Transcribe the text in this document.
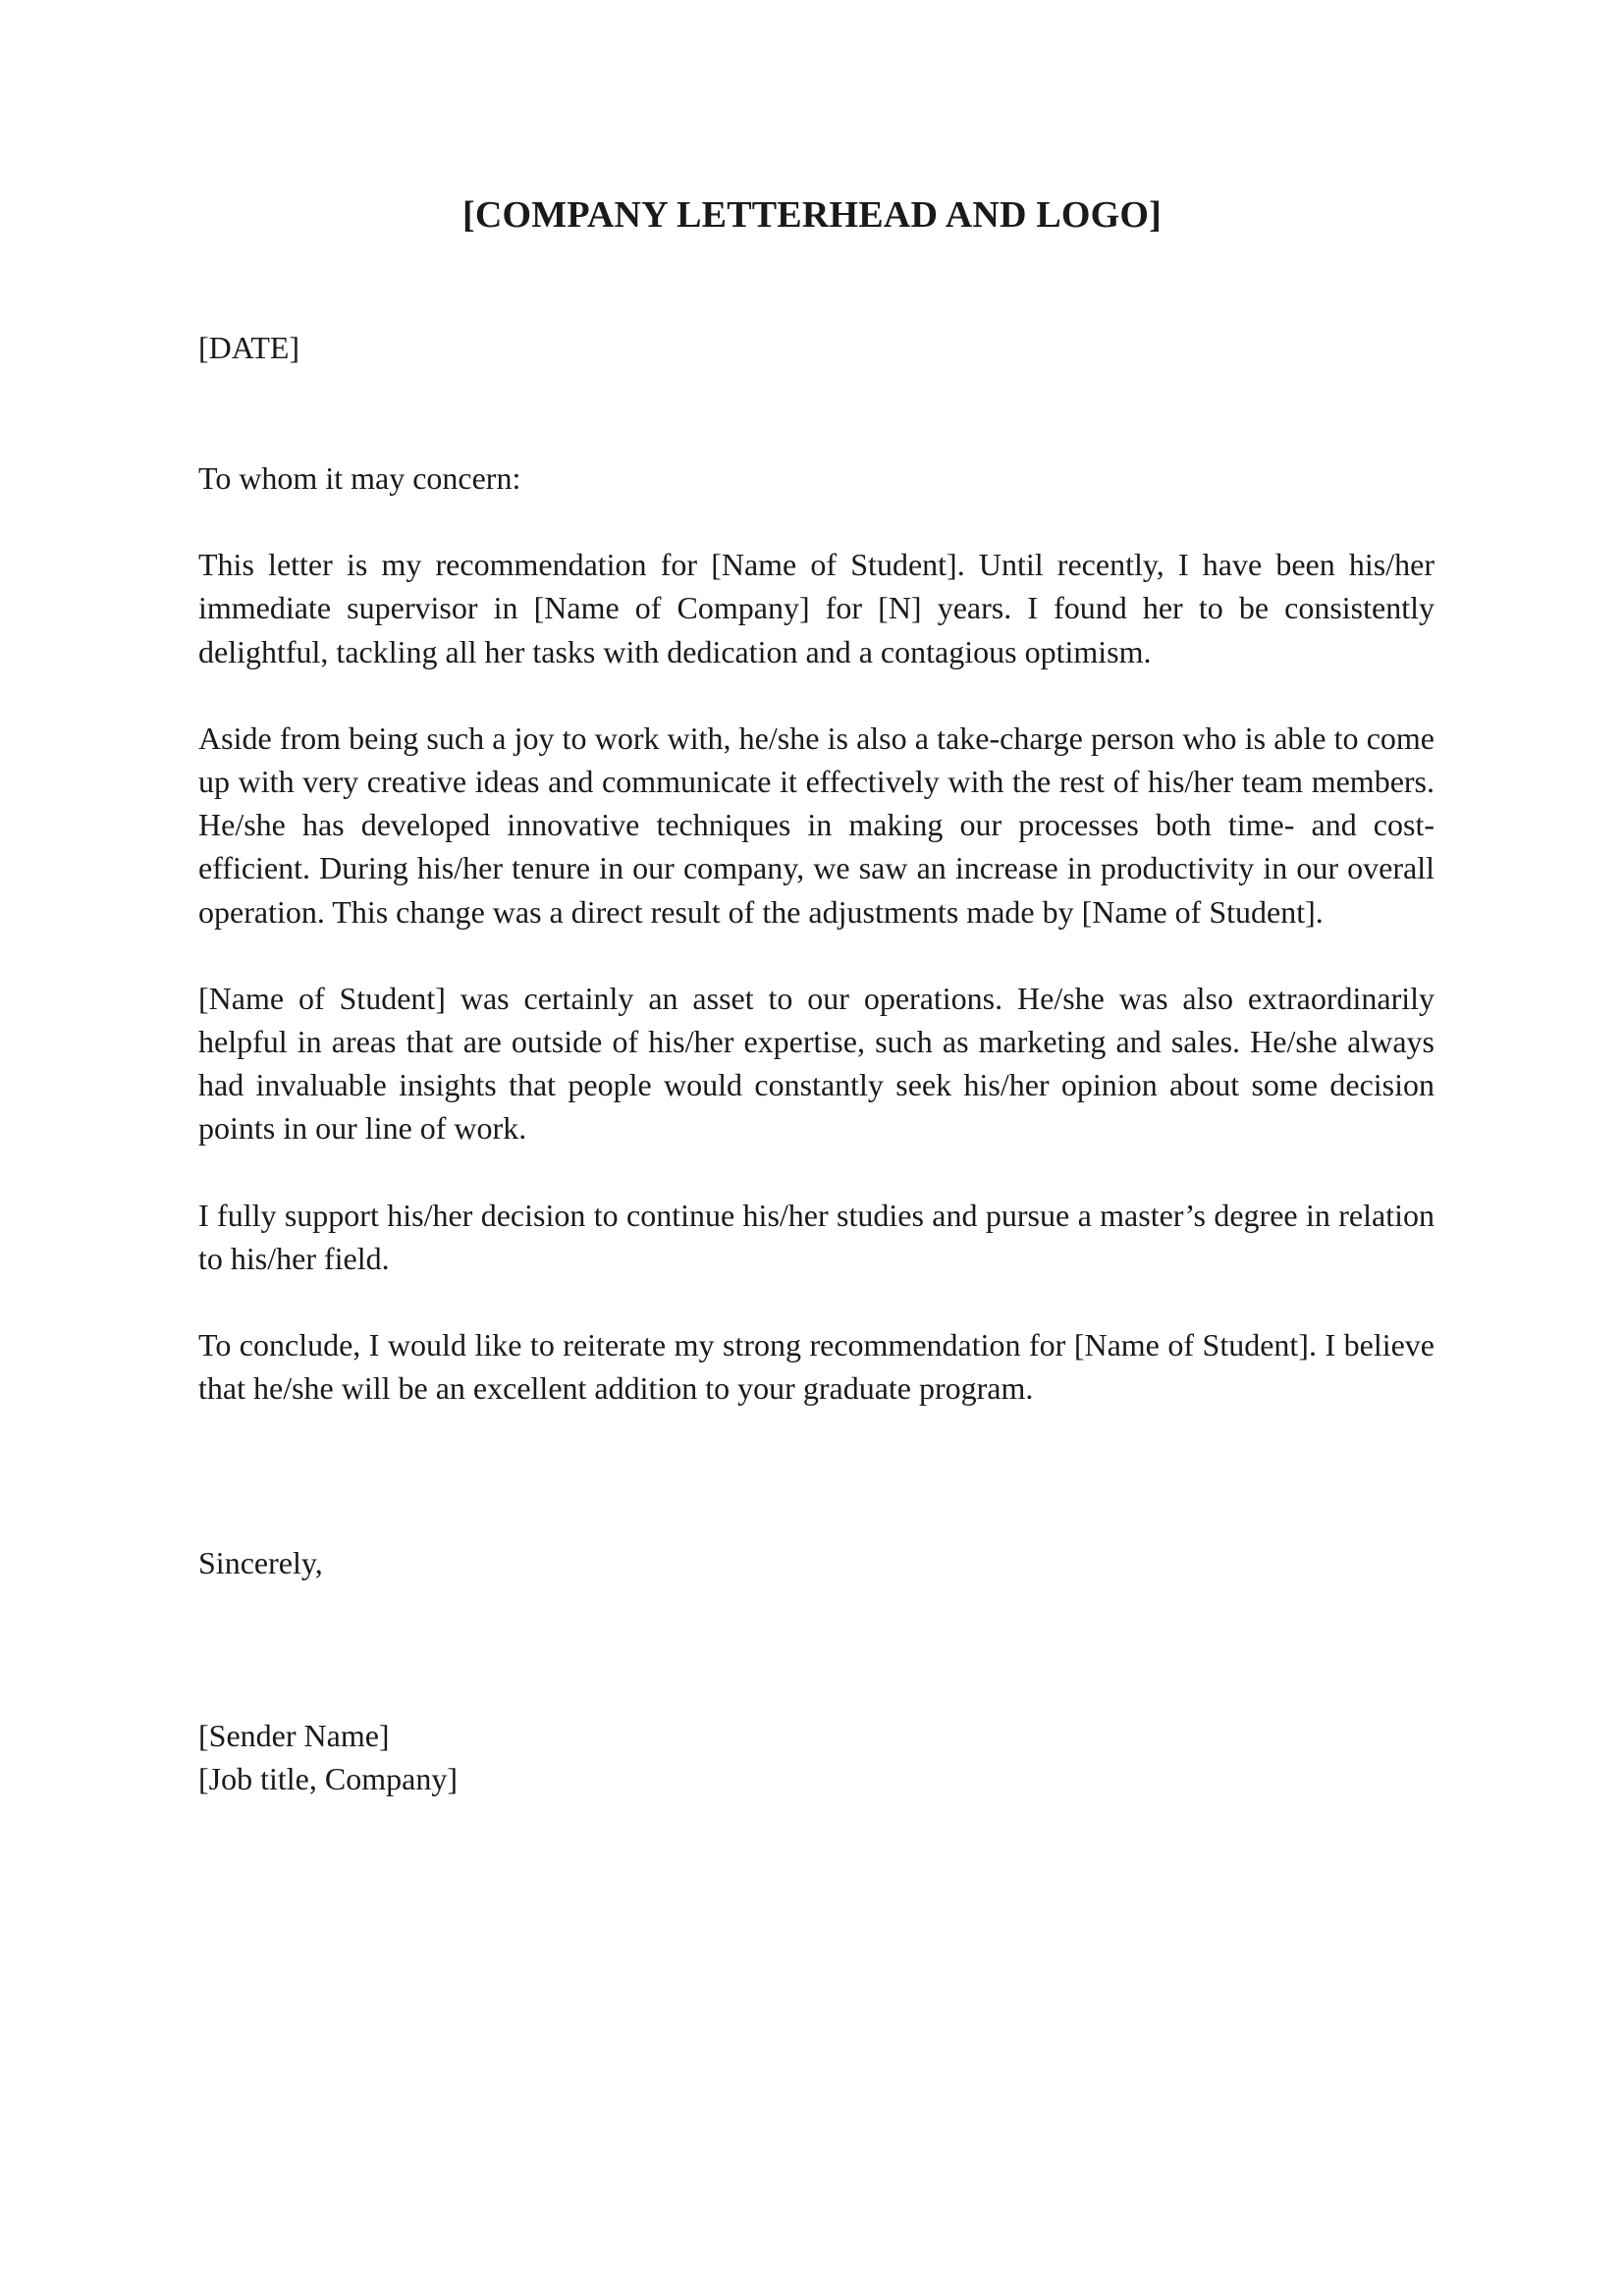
[COMPANY LETTERHEAD AND LOGO]
[DATE]

To whom it may concern:

This letter is my recommendation for [Name of Student]. Until recently, I have been his/her immediate supervisor in [Name of Company] for [N] years. I found her to be consistently delightful, tackling all her tasks with dedication and a contagious optimism.

Aside from being such a joy to work with, he/she is also a take-charge person who is able to come up with very creative ideas and communicate it effectively with the rest of his/her team members. He/she has developed innovative techniques in making our processes both time- and cost-efficient. During his/her tenure in our company, we saw an increase in productivity in our overall operation. This change was a direct result of the adjustments made by [Name of Student].

[Name of Student] was certainly an asset to our operations. He/she was also extraordinarily helpful in areas that are outside of his/her expertise, such as marketing and sales. He/she always had invaluable insights that people would constantly seek his/her opinion about some decision points in our line of work.

I fully support his/her decision to continue his/her studies and pursue a master’s degree in relation to his/her field.

To conclude, I would like to reiterate my strong recommendation for [Name of Student]. I believe that he/she will be an excellent addition to your graduate program.

Sincerely,
[Sender Name]
[Job title, Company]
